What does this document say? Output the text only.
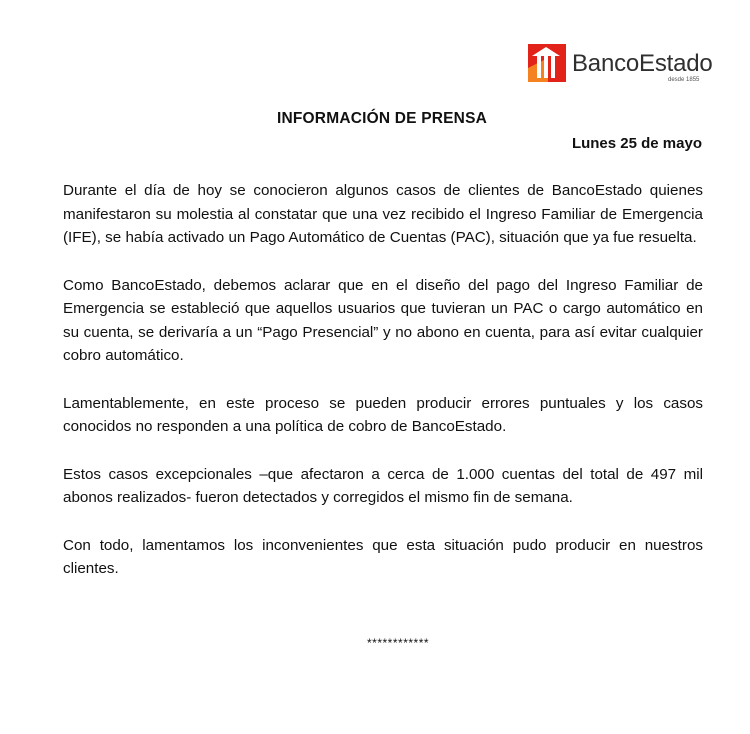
BancoEstado
desde 1855
INFORMACIÓN DE PRENSA
Lunes 25 de mayo

Durante el día de hoy se conocieron algunos casos de clientes de BancoEstado quienes manifestaron su molestia al constatar que una vez recibido el Ingreso Familiar de Emergencia (IFE), se había activado un Pago Automático de Cuentas (PAC), situación que ya fue resuelta.

Como BancoEstado, debemos aclarar que en el diseño del pago del Ingreso Familiar de Emergencia se estableció que aquellos usuarios que tuvieran un PAC o cargo automático en su cuenta, se derivaría a un “Pago Presencial” y no abono en cuenta, para así evitar cualquier cobro automático.

Lamentablemente, en este proceso se pueden producir errores puntuales y los casos conocidos no responden a una política de cobro de BancoEstado.

Estos casos excepcionales –que afectaron a cerca de 1.000 cuentas del total de 497 mil abonos realizados- fueron detectados y corregidos el mismo fin de semana.

Con todo, lamentamos los inconvenientes que esta situación pudo producir en nuestros clientes.

************
